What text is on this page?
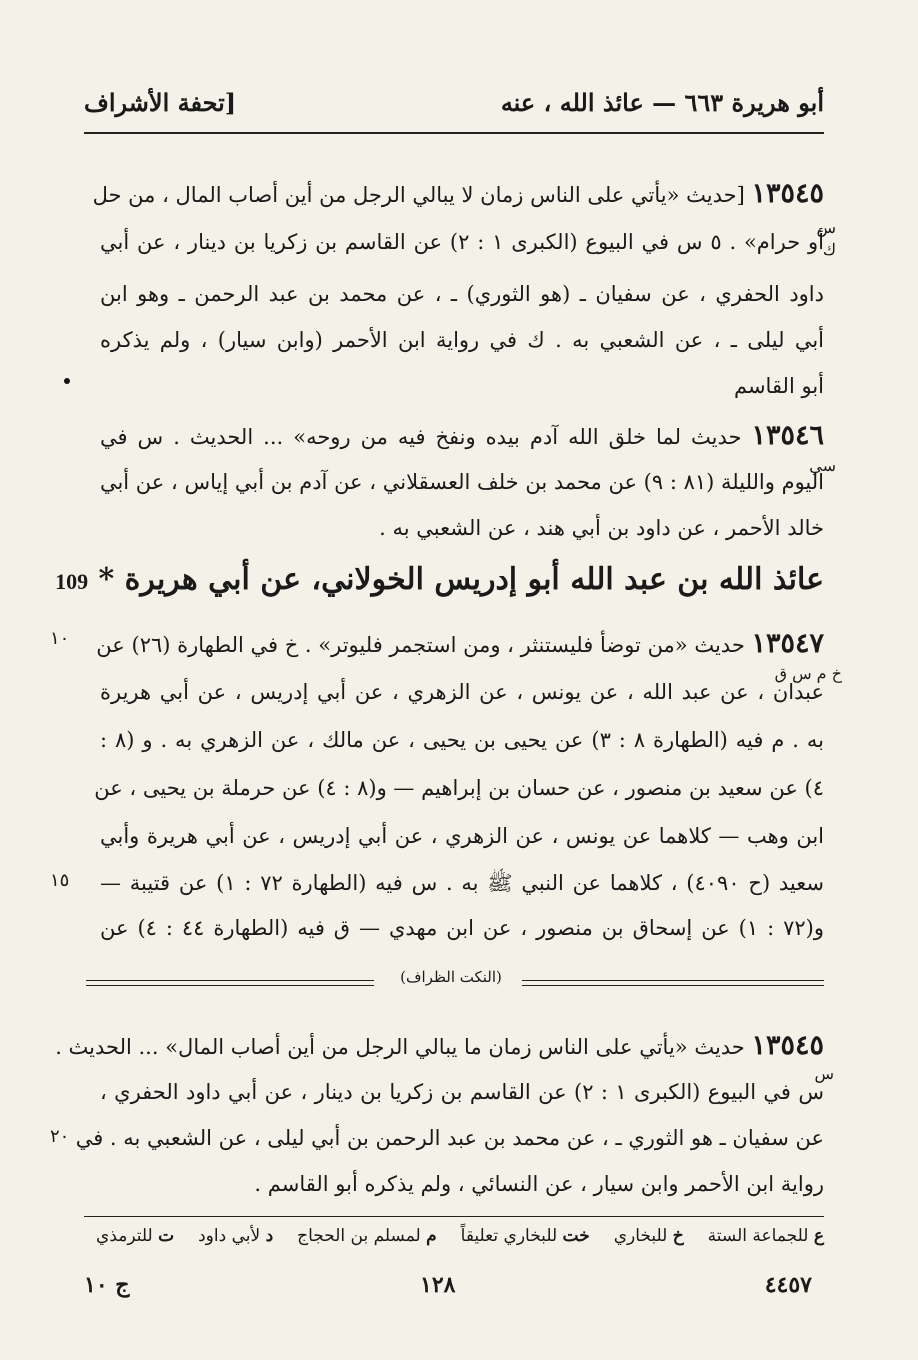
أبو هريرة ٦٦٣ — عائذ الله ، عنه
[تحفة الأشراف
١٣٥٤٥ [حديث «يأتي على الناس زمان لا يبالي الرجل من أين أصاب المال ، من حل
أو حرام» . ٥ س في البيوع (الكبرى ١ : ٢) عن القاسم بن زكريا بن دينار ، عن أبي
داود الحفري ، عن سفيان ـ (هو الثوري) ـ ، عن محمد بن عبد الرحمن ـ وهو ابن
أبي ليلى ـ ، عن الشعبي به . ك في رواية ابن الأحمر (وابن سيار) ، ولم يذكره
أبو القاسم
١٣٥٤٦ حديث لما خلق الله آدم بيده ونفخ فيه من روحه» ... الحديث . س في
اليوم والليلة (٨١ : ٩) عن محمد بن خلف العسقلاني ، عن آدم بن أبي إياس ، عن أبي
خالد الأحمر ، عن داود بن أبي هند ، عن الشعبي به .
عائذ الله بن عبد الله أبو إدريس الخولاني، عن أبي هريرة * 109
١٣٥٤٧ حديث «من توضأ فليستنثر ، ومن استجمر فليوتر» . خ في الطهارة (٢٦) عن
عبدان ، عن عبد الله ، عن يونس ، عن الزهري ، عن أبي إدريس ، عن أبي هريرة
به . م فيه (الطهارة ٨ : ٣) عن يحيى بن يحيى ، عن مالك ، عن الزهري به . و (٨ :
٤) عن سعيد بن منصور ، عن حسان بن إبراهيم — و(٨ : ٤) عن حرملة بن يحيى ، عن
ابن وهب — كلاهما عن يونس ، عن الزهري ، عن أبي إدريس ، عن أبي هريرة وأبي
سعيد (ح ٤٠٩٠) ، كلاهما عن النبي ﷺ به . س فيه (الطهارة ٧٢ : ١) عن قتيبة —
و(٧٢ : ١) عن إسحاق بن منصور ، عن ابن مهدي — ق فيه (الطهارة ٤٤ : ٤) عن
(النكت الظراف)
١٣٥٤٥ حديث «يأتي على الناس زمان ما يبالي الرجل من أين أصاب المال» ... الحديث .
س في البيوع (الكبرى ١ : ٢) عن القاسم بن زكريا بن دينار ، عن أبي داود الحفري ،
عن سفيان ـ هو الثوري ـ ، عن محمد بن عبد الرحمن بن أبي ليلى ، عن الشعبي به . في
رواية ابن الأحمر وابن سيار ، عن النسائي ، ولم يذكره أبو القاسم .
س
ك
سي
١٠
خ م س ق
١٥
س
٢٠
ع للجماعة الستة
خ للبخاري
خت للبخاري تعليقاً
م لمسلم بن الحجاج
د لأبي داود
ت للترمذي
٤٤٥٧
١٢٨
ج ١٠
